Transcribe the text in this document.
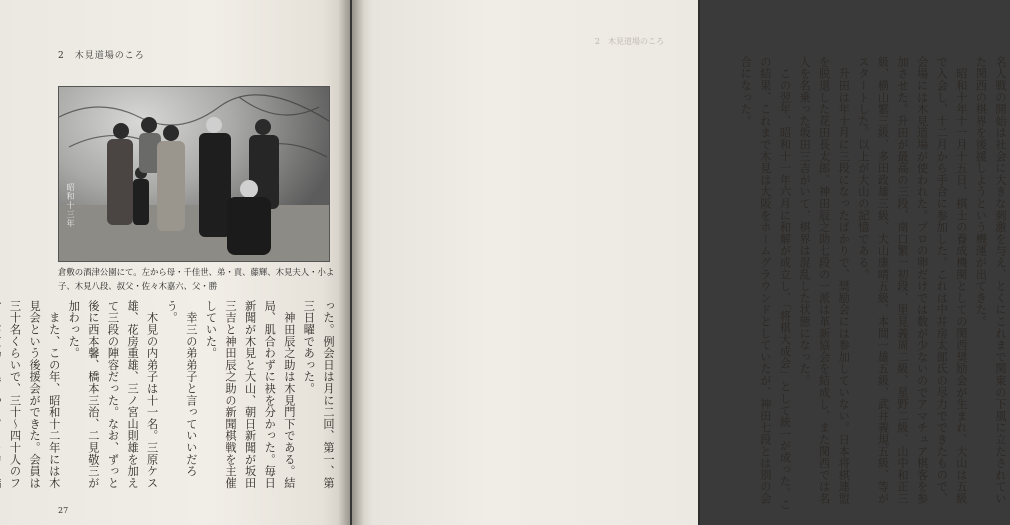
2　木見道場のころ
昭和十三年
倉敷の酒津公園にて。左から母・千佳世、弟・貢、藤輝、木見夫人・小よ子、木見八段、叔父・佐々木嘉六、父・勝
った。例会日は月に二回、第一、第三日曜であった。
　神田辰之助は木見門下である。結局、肌合わずに袂を分かった。毎日新聞が木見と大山、朝日新聞が坂田三吉と神田辰之助の新聞棋戦を主催していた。
　幸三の弟弟子と言っていいだろう。
　木見の内弟子は十一名。三原ケス雄、花房重雄、三ノ宮山則雄を加えて三段の陣容だった。なお、ずっと後に西本馨、橋本三治、二見敬三が加わった。
　また、この年、昭和十二年には木見会という後援会ができた。会員は三十名くらいで、三十〜四十人のフ
27
2　木見道場のころ
名人戦の開始は社会に大きな刺激を与え、とくにこれまで関東の下風に立たされていた関西の棋界を後援しようという機運が出てきた。
　昭和十年十一月十五日、棋士の養成機関としての関西奨励会が生まれ、大山は五級で入会し、十二月から手合に参加した。これは中井房太郎氏の尽力でできたもので、会場には木見道場が使われた。プロの卵だけでは数が少ないのでアマチュア棋客を参加させた。升田が最高の三段、南口繁一初段、里見義周二級、星野二級、山中和正三級、横山繁三級、多田政雄三級、大山康晴五級、本間一雄五級、武井義規五級、等がスタートした。以上が大山の記憶である。
　升田は年十月に三段になったばかりで、奨励会には参加していない。日本将棋連盟を脱退した花田長太郎、神田辰之助七段の一派は革新協会を結成し、また関西では名人を名乗った坂田三吉がいて、棋界は混乱した状態になった。
　この翌年、昭和十一年六月に和解が成立し、「将棋大成会」として統一が成った。この結果、これまで木見は大阪をホームグラウンドとしていたが、神田七段とは別の会合になった。
